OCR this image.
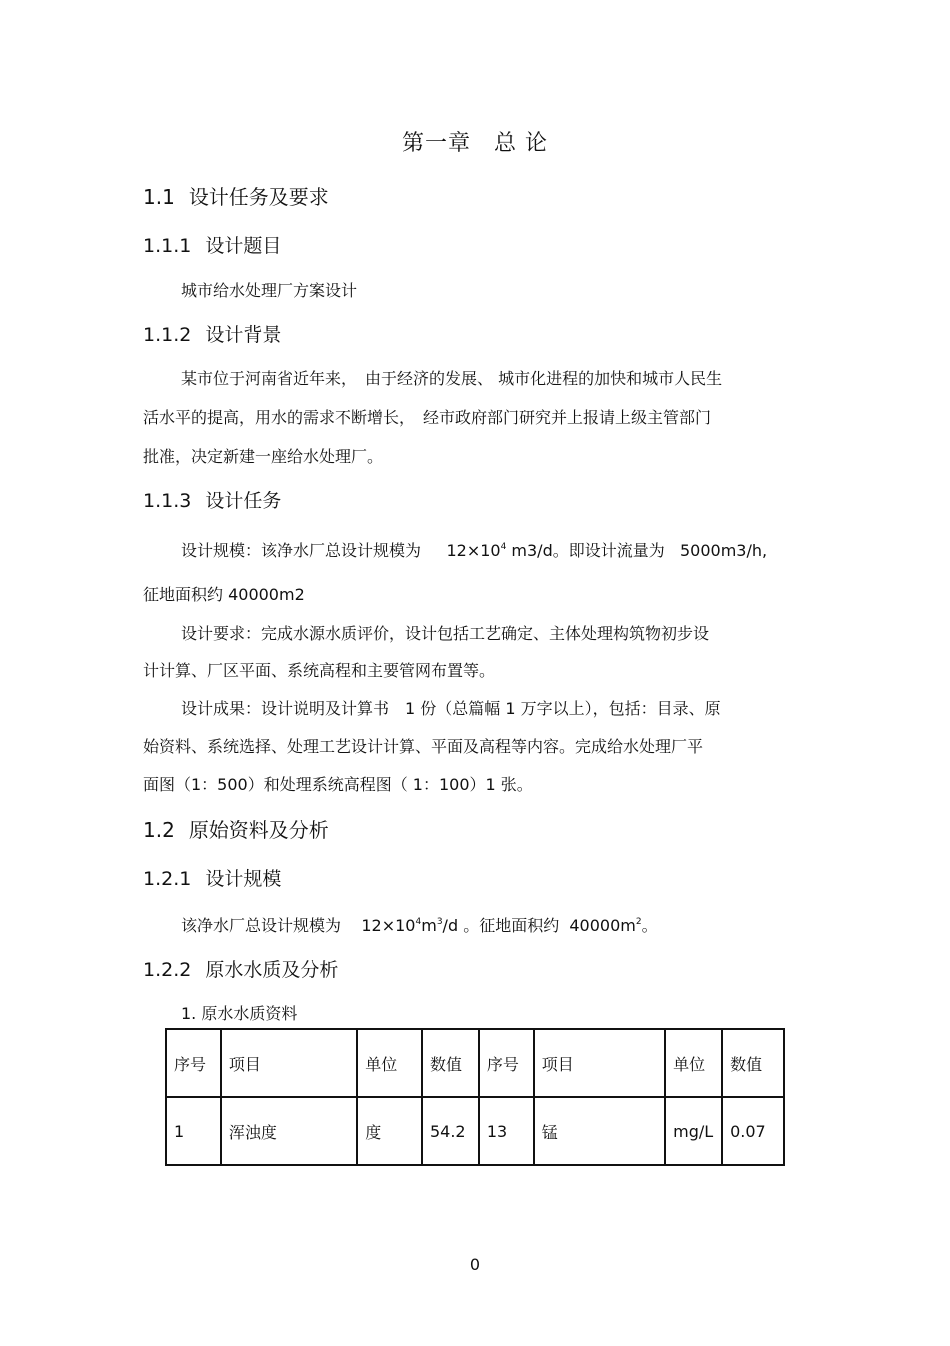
第一章　总 论
1.1 设计任务及要求
1.1.1 设计题目
城市给水处理厂方案设计
1.1.2 设计背景
某市位于河南省近年来，　由于经济的发展、 城市化进程的加快和城市人民生
活水平的提高，用水的需求不断增长，　经市政府部门研究并上报请上级主管部门
批准，决定新建一座给水处理厂。
1.1.3 设计任务
设计规模：该净水厂总设计规模为 $12\times 10^4$ m3/d。即设计流量为 5000m3/h,
征地面积约 40000m2
设计要求：完成水源水质评价，设计包括工艺确定、主体处理构筑物初步设
计计算、厂区平面、系统高程和主要管网布置等。
设计成果：设计说明及计算书　1 份（总篇幅 1 万字以上），包括：目录、原
始资料、系统选择、处理工艺设计计算、平面及高程等内容。完成给水处理厂平
面图（1：500）和处理系统高程图（ 1：100）1 张。
1.2 原始资料及分析
1.2.1 设计规模
该净水厂总设计规模为 $12\times 10^4m^3/d$ 。征地面积约 $40000m^2$。
1.2.2 原水水质及分析
1. 原水水质资料
序号	项目	单位	数值	序号	项目	单位	数值
1	浑浊度	度	54.2	13	锰	mg/L	0.07
0
